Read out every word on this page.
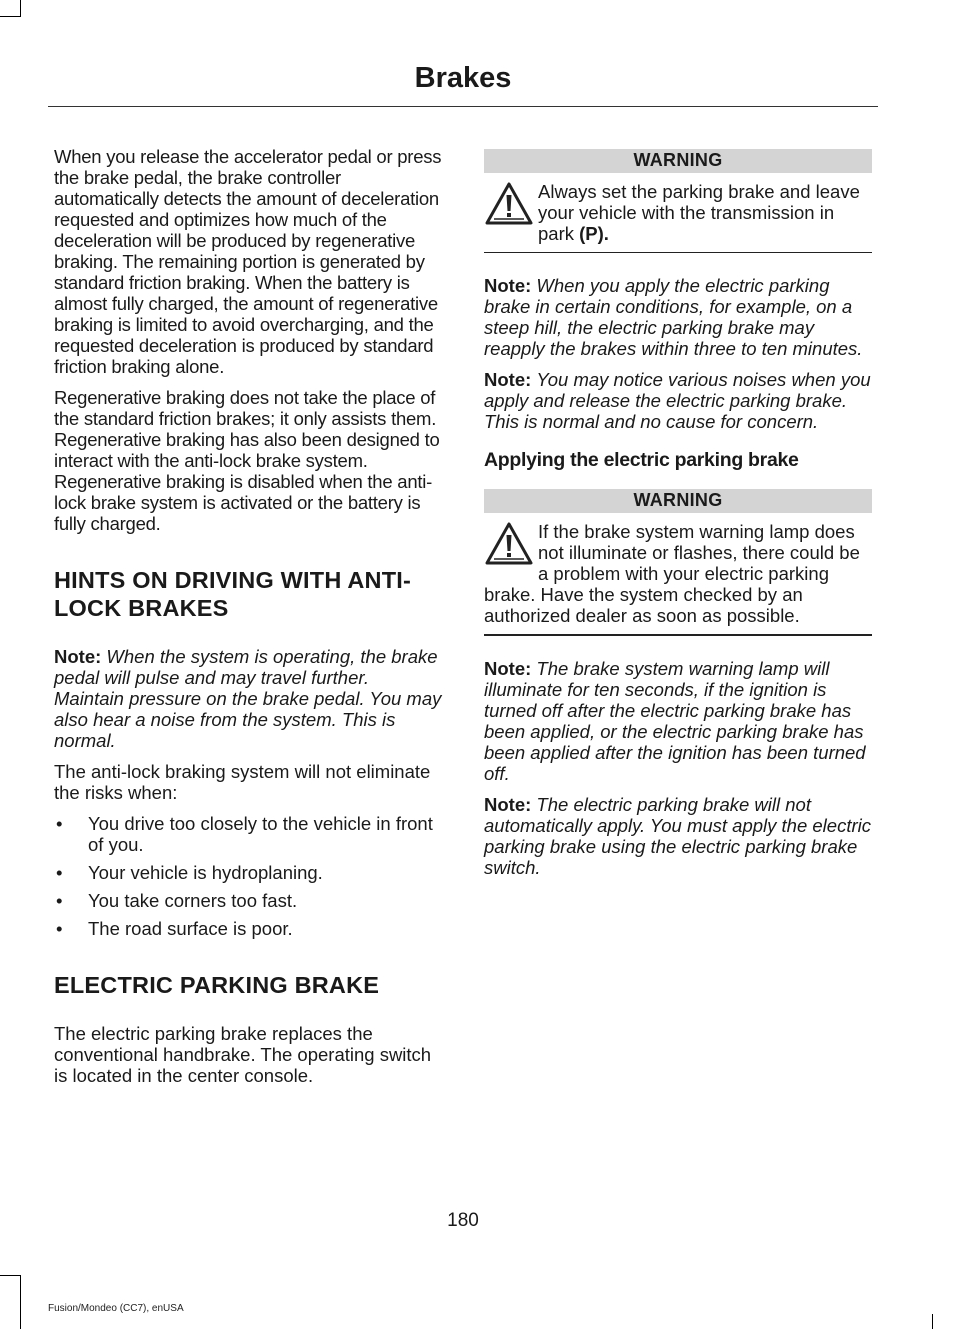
Brakes

When you release the accelerator pedal or press the brake pedal, the brake controller automatically detects the amount of deceleration requested and optimizes how much of the deceleration will be produced by regenerative braking. The remaining portion is generated by standard friction braking. When the battery is almost fully charged, the amount of regenerative braking is limited to avoid overcharging, and the requested deceleration is produced by standard friction braking alone.

Regenerative braking does not take the place of the standard friction brakes; it only assists them. Regenerative braking has also been designed to interact with the anti-lock brake system. Regenerative braking is disabled when the anti-lock brake system is activated or the battery is fully charged.

HINTS ON DRIVING WITH ANTI-LOCK BRAKES

Note: When the system is operating, the brake pedal will pulse and may travel further. Maintain pressure on the brake pedal. You may also hear a noise from the system. This is normal.

The anti-lock braking system will not eliminate the risks when:

• You drive too closely to the vehicle in front of you.
• Your vehicle is hydroplaning.
• You take corners too fast.
• The road surface is poor.
ELECTRIC PARKING BRAKE

The electric parking brake replaces the conventional handbrake. The operating switch is located in the center console.

WARNING
Always set the parking brake and leave your vehicle with the transmission in park (P).

Note: When you apply the electric parking brake in certain conditions, for example, on a steep hill, the electric parking brake may reapply the brakes within three to ten minutes.

Note: You may notice various noises when you apply and release the electric parking brake. This is normal and no cause for concern.

Applying the electric parking brake
WARNING
If the brake system warning lamp does not illuminate or flashes, there could be a problem with your electric parking brake. Have the system checked by an authorized dealer as soon as possible.

Note: The brake system warning lamp will illuminate for ten seconds, if the ignition is turned off after the electric parking brake has been applied, or the electric parking brake has been applied after the ignition has been turned off.

Note: The electric parking brake will not automatically apply. You must apply the electric parking brake using the electric parking brake switch.

180
Fusion/Mondeo (CC7), enUSA
